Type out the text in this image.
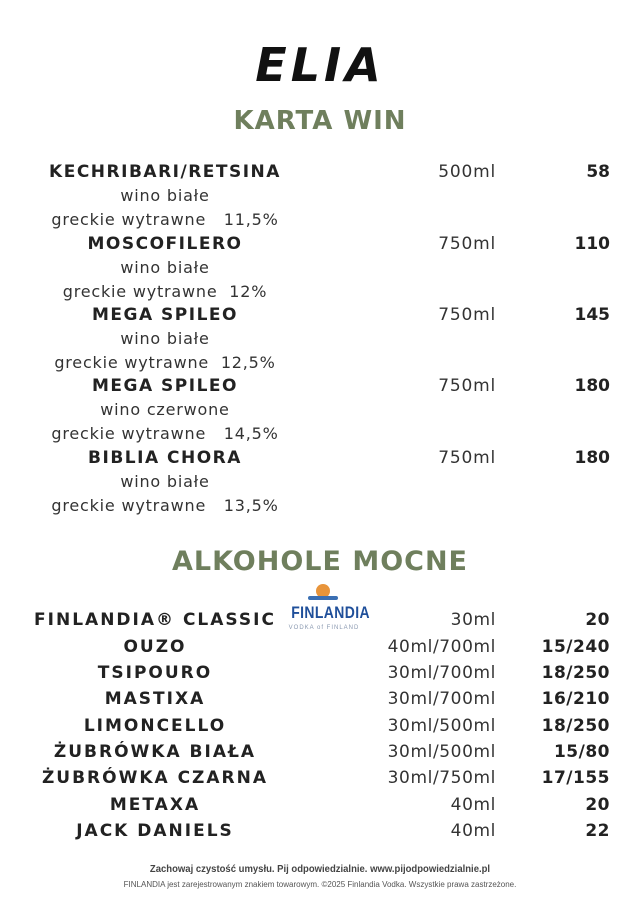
ELIA
KARTA WIN
KECHRIBARI/RETSINA	500ml	58
wino białe
greckie wytrawne   11,5%
MOSCOFILERO	750ml	110
wino białe
greckie wytrawne  12%
MEGA SPILEO	750ml	145
wino białe
greckie wytrawne  12,5%
MEGA SPILEO	750ml	180
wino czerwone
greckie wytrawne   14,5%
BIBLIA CHORA	750ml	180
wino białe
greckie wytrawne   13,5%
ALKOHOLE MOCNE
FINLANDIA
VODKA of FINLAND
FINLANDIA® CLASSIC	30ml	20
OUZO	40ml/700ml	15/240
TSIPOURO	30ml/700ml	18/250
MASTIXA	30ml/700ml	16/210
LIMONCELLO	30ml/500ml	18/250
ŻUBRÓWKA BIAŁA	30ml/500ml	15/80
ŻUBRÓWKA CZARNA	30ml/750ml	17/155
METAXA	40ml	20
JACK DANIELS	40ml	22
Zachowaj czystość umysłu. Pij odpowiedzialnie. www.pijodpowiedzialnie.pl
FINLANDIA jest zarejestrowanym znakiem towarowym. ©2025 Finlandia Vodka. Wszystkie prawa zastrzeżone.
